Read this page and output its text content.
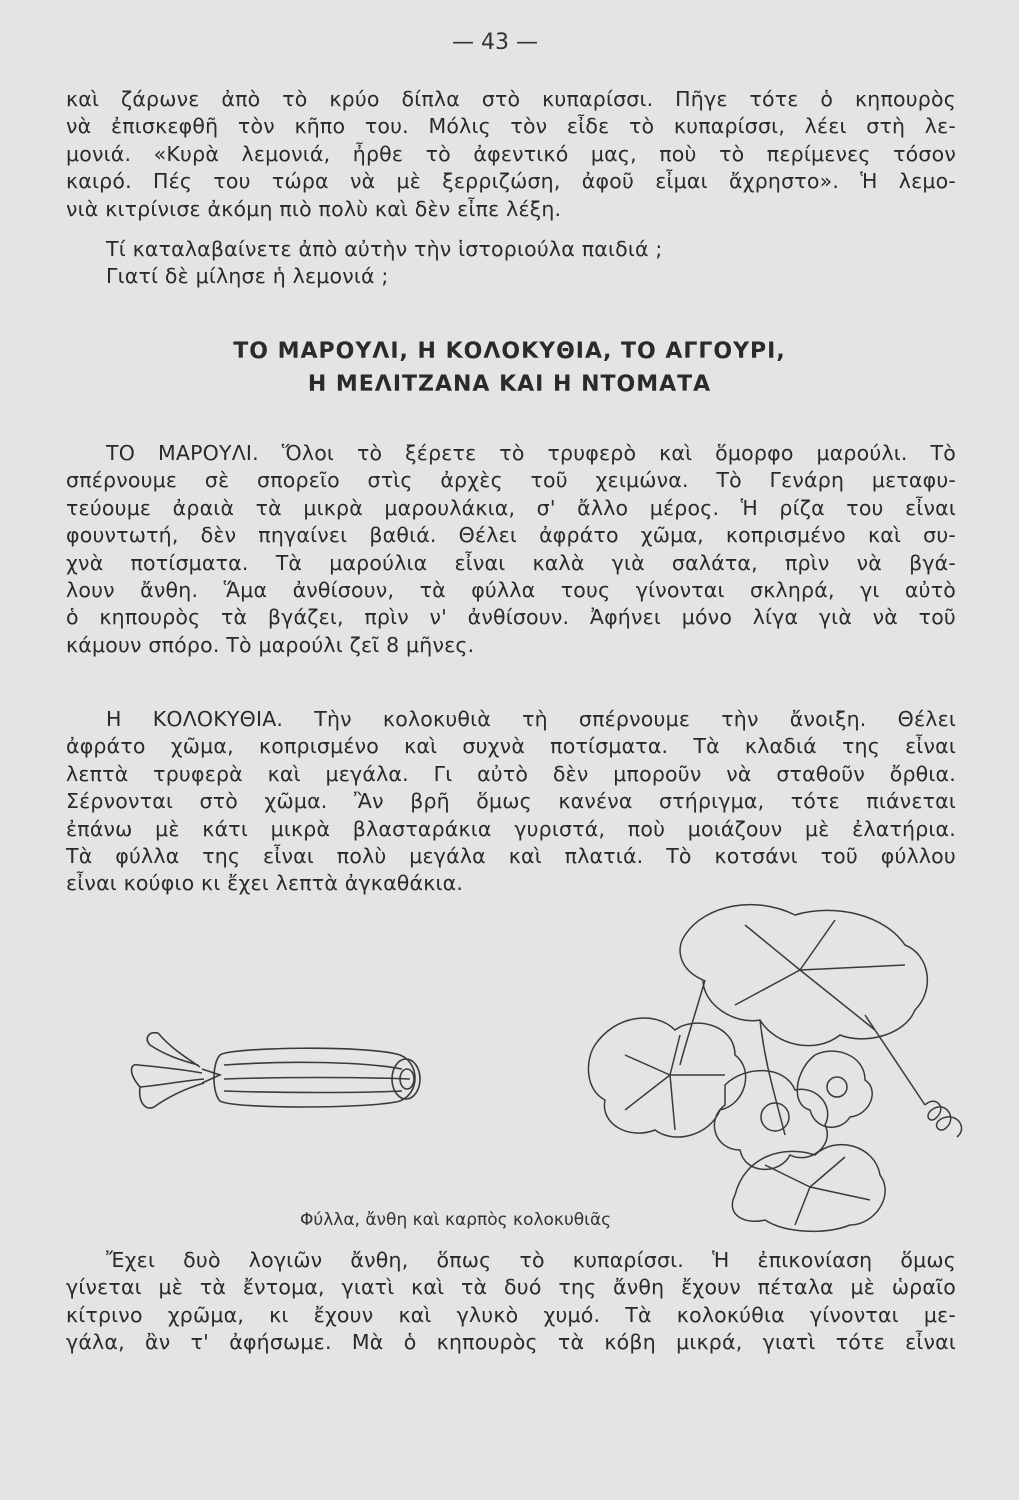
— 43 —
καὶ ζάρωνε ἀπὸ τὸ κρύο δίπλα στὸ κυπαρίσσι. Πῆγε τότε ὁ κηπουρὸς
νὰ ἐπισκεφθῆ τὸν κῆπο του. Μόλις τὸν εἶδε τὸ κυπαρίσσι, λέει στὴ λε-
μονιά. «Κυρὰ λεμονιά, ἦρθε τὸ ἀφεντικό μας, ποὺ τὸ περίμενες τόσον
καιρό. Πές του τώρα νὰ μὲ ξερριζώση, ἀφοῦ εἶμαι ἄχρηστο». Ἡ λεμο-
νιὰ κιτρίνισε ἀκόμη πιὸ πολὺ καὶ δὲν εἶπε λέξη.
Τί καταλαβαίνετε ἀπὸ αὐτὴν τὴν ἱστοριούλα παιδιά ;
Γιατί δὲ μίλησε ἡ λεμονιά ;
ΤΟ ΜΑΡΟΥΛΙ, Η ΚΟΛΟΚΥΘΙΑ, ΤΟ ΑΓΓΟΥΡΙ,
Η ΜΕΛΙΤΖΑΝΑ ΚΑΙ Η ΝΤΟΜΑΤΑ
ΤΟ ΜΑΡΟΥΛΙ. Ὅλοι τὸ ξέρετε τὸ τρυφερὸ καὶ ὅμορφο μαρούλι. Τὸ
σπέρνουμε σὲ σπορεῖο στὶς ἀρχὲς τοῦ χειμώνα. Τὸ Γενάρη μεταφυ-
τεύουμε ἀραιὰ τὰ μικρὰ μαρουλάκια, σ' ἄλλο μέρος. Ἡ ρίζα του εἶναι
φουντωτή, δὲν πηγαίνει βαθιά. Θέλει ἀφράτο χῶμα, κοπρισμένο καὶ συ-
χνὰ ποτίσματα. Τὰ μαρούλια εἶναι καλὰ γιὰ σαλάτα, πρὶν νὰ βγά-
λουν ἄνθη. Ἅμα ἀνθίσουν, τὰ φύλλα τους γίνονται σκληρά, γι αὐτὸ
ὁ κηπουρὸς τὰ βγάζει, πρὶν ν' ἀνθίσουν. Ἀφήνει μόνο λίγα γιὰ νὰ τοῦ
κάμουν σπόρο. Τὸ μαρούλι ζεῖ 8 μῆνες.
Η ΚΟΛΟΚΥΘΙΑ. Τὴν κολοκυθιὰ τὴ σπέρνουμε τὴν ἄνοιξη. Θέλει
ἀφράτο χῶμα, κοπρισμένο καὶ συχνὰ ποτίσματα. Τὰ κλαδιά της εἶναι
λεπτὰ τρυφερὰ καὶ μεγάλα. Γι αὐτὸ δὲν μποροῦν νὰ σταθοῦν ὄρθια.
Σέρνονται στὸ χῶμα. Ἂν βρῆ ὅμως κανένα στήριγμα, τότε πιάνεται
ἐπάνω μὲ κάτι μικρὰ βλασταράκια γυριστά, ποὺ μοιάζουν μὲ ἐλατήρια.
Τὰ φύλλα της εἶναι πολὺ μεγάλα καὶ πλατιά. Τὸ κοτσάνι τοῦ φύλλου
εἶναι κούφιο κι ἔχει λεπτὰ ἀγκαθάκια.
Φύλλα, ἄνθη καὶ καρπὸς κολοκυθιᾶς
Ἔχει δυὸ λογιῶν ἄνθη, ὅπως τὸ κυπαρίσσι. Ἡ ἐπικονίαση ὅμως
γίνεται μὲ τὰ ἔντομα, γιατὶ καὶ τὰ δυό της ἄνθη ἔχουν πέταλα μὲ ὡραῖο
κίτρινο χρῶμα, κι ἔχουν καὶ γλυκὸ χυμό. Τὰ κολοκύθια γίνονται με-
γάλα, ἂν τ' ἀφήσωμε. Μὰ ὁ κηπουρὸς τὰ κόβη μικρά, γιατὶ τότε εἶναι
